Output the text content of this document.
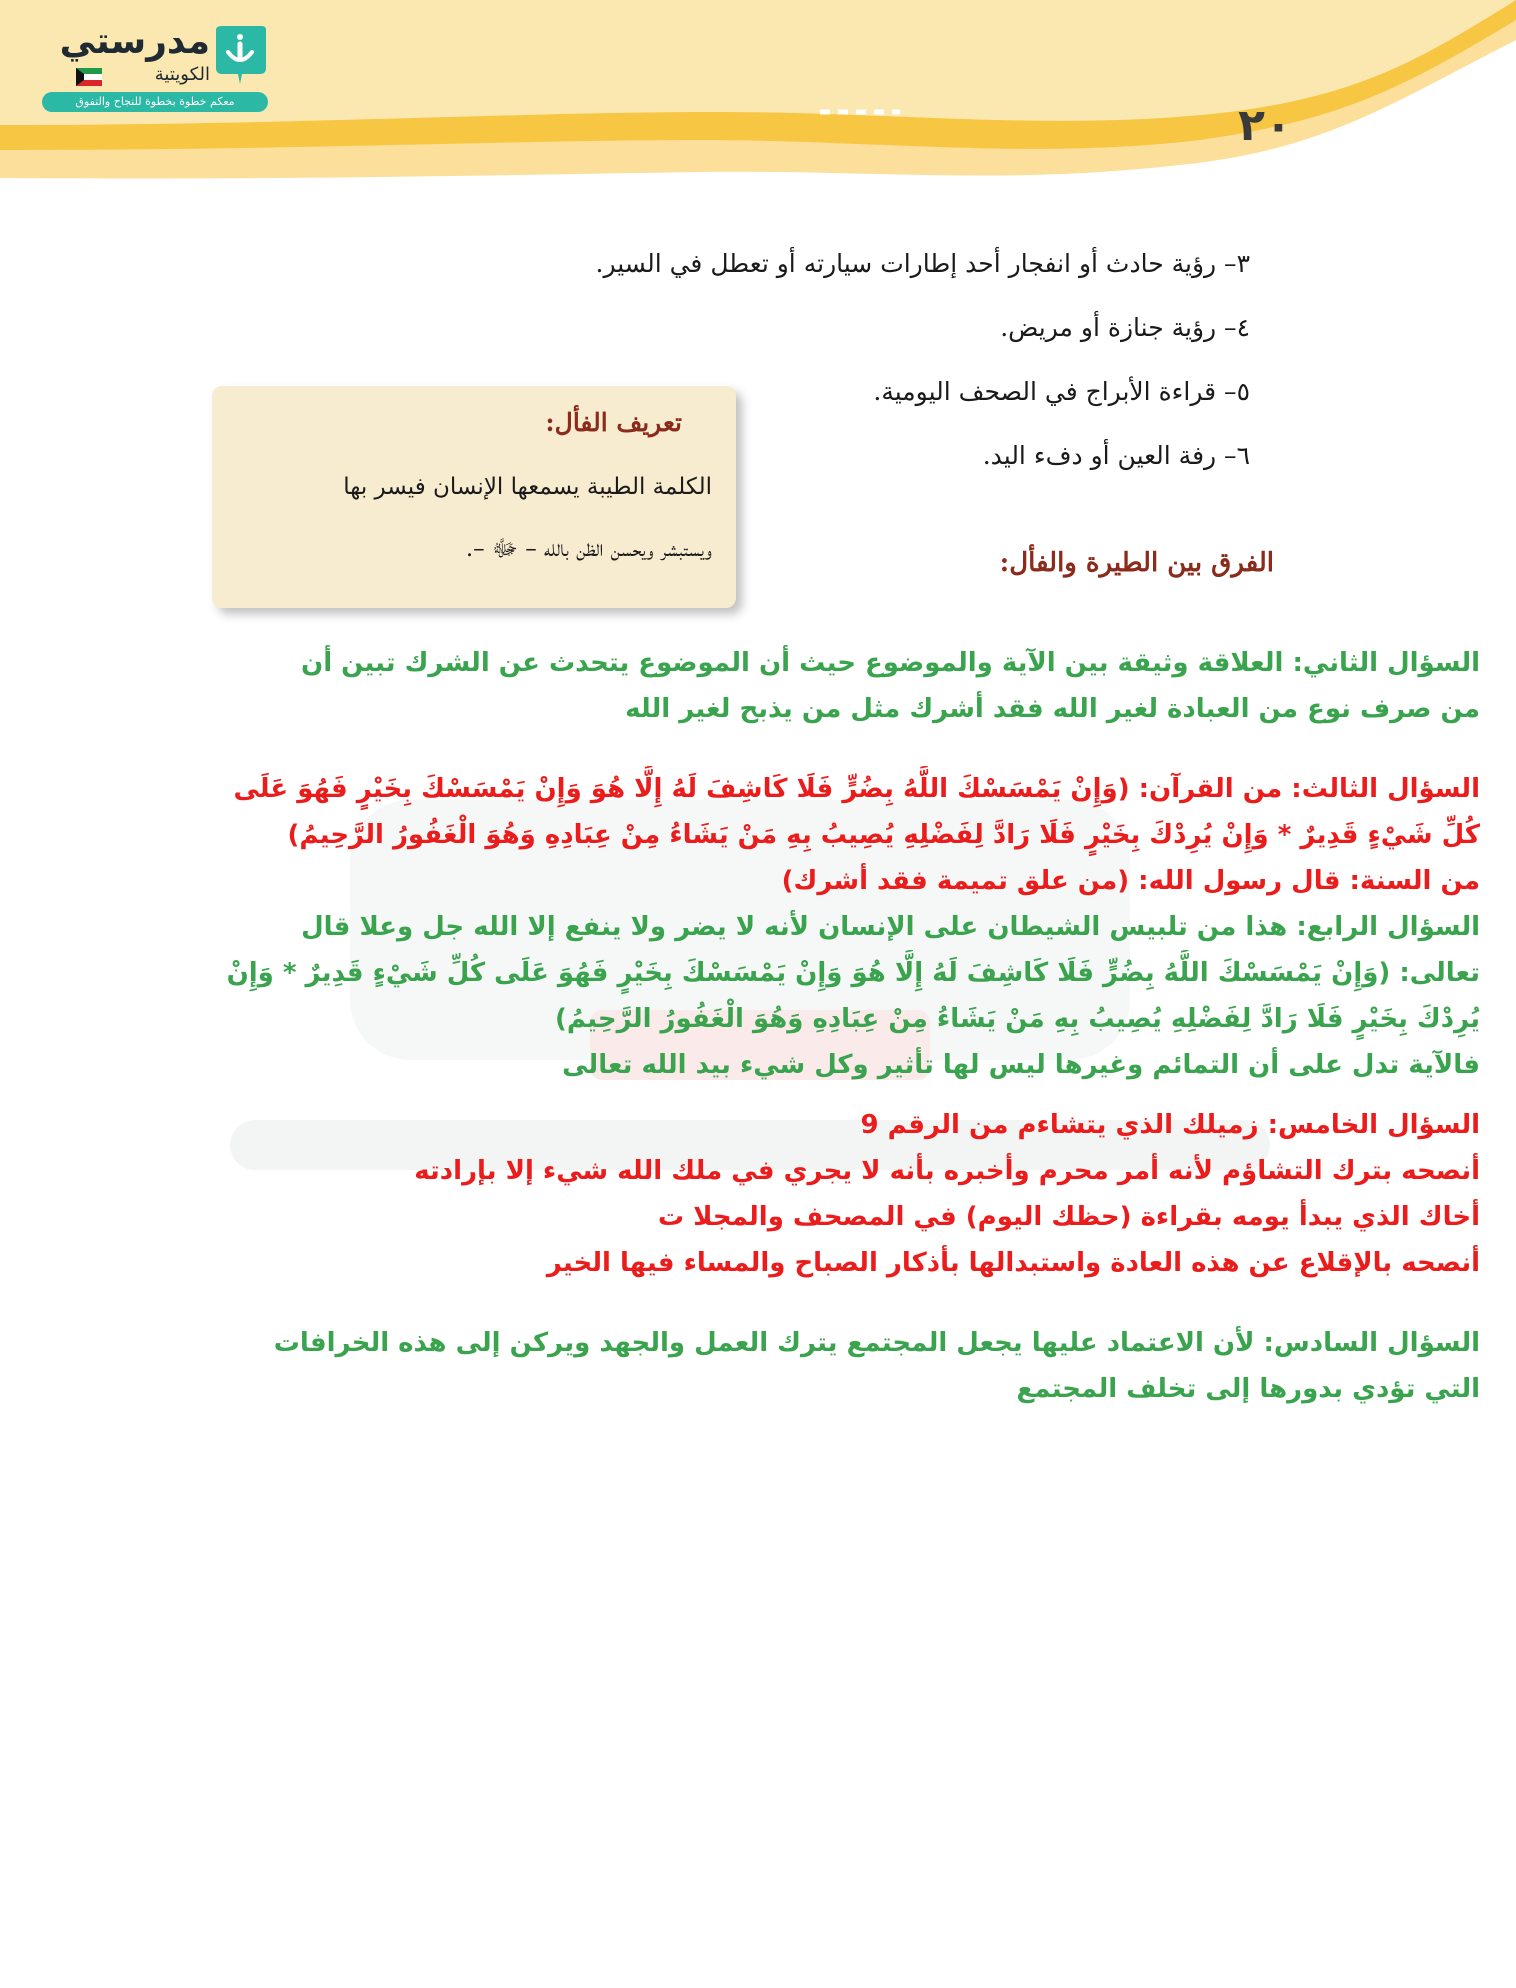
٢٠
مدرستي
الكويتية
معكم خطوة بخطوة للنجاح والتفوق
٣– رؤية حادث أو انفجار أحد إطارات سيارته أو تعطل في السير.
٤– رؤية جنازة أو مريض.
٥– قراءة الأبراج في الصحف اليومية.
٦– رفة العين أو دفء اليد.
تعريف الفأل:
الكلمة الطيبة يسمعها الإنسان فيسر بها
ويستبشر ويحسن الظن بالله – ﷻ –.	الفرق بين الطيرة والفأل:
السؤال الثاني: العلاقة وثيقة بين الآية والموضوع حيث أن الموضوع يتحدث عن الشرك تبين أن
من صرف نوع من العبادة لغير الله فقد أشرك مثل من يذبح لغير الله
السؤال الثالث: من القرآن: (وَإِنْ يَمْسَسْكَ اللَّهُ بِضُرٍّ فَلَا كَاشِفَ لَهُ إِلَّا هُوَ وَإِنْ يَمْسَسْكَ بِخَيْرٍ فَهُوَ عَلَى
كُلِّ شَيْءٍ قَدِيرٌ * وَإِنْ يُرِدْكَ بِخَيْرٍ فَلَا رَادَّ لِفَضْلِهِ يُصِيبُ بِهِ مَنْ يَشَاءُ مِنْ عِبَادِهِ وَهُوَ الْغَفُورُ الرَّحِيمُ)
من السنة: قال رسول الله: (من علق تميمة فقد أشرك)
السؤال الرابع: هذا من تلبيس الشيطان على الإنسان لأنه لا يضر ولا ينفع إلا الله جل وعلا قال
تعالى: (وَإِنْ يَمْسَسْكَ اللَّهُ بِضُرٍّ فَلَا كَاشِفَ لَهُ إِلَّا هُوَ وَإِنْ يَمْسَسْكَ بِخَيْرٍ فَهُوَ عَلَى كُلِّ شَيْءٍ قَدِيرٌ * وَإِنْ
يُرِدْكَ بِخَيْرٍ فَلَا رَادَّ لِفَضْلِهِ يُصِيبُ بِهِ مَنْ يَشَاءُ مِنْ عِبَادِهِ وَهُوَ الْغَفُورُ الرَّحِيمُ)
فالآية تدل على أن التمائم وغيرها ليس لها تأثير وكل شيء بيد الله تعالى
السؤال الخامس: زميلك الذي يتشاءم من الرقم 9
أنصحه بترك التشاؤم لأنه أمر محرم وأخبره بأنه لا يجري في ملك الله شيء إلا بإرادته
أخاك الذي يبدأ يومه بقراءة (حظك اليوم) في المصحف والمجلا ت
أنصحه بالإقلاع عن هذه العادة واستبدالها بأذكار الصباح والمساء فيها الخير
السؤال السادس: لأن الاعتماد عليها يجعل المجتمع يترك العمل والجهد ويركن إلى هذه الخرافات
التي تؤدي بدورها إلى تخلف المجتمع
